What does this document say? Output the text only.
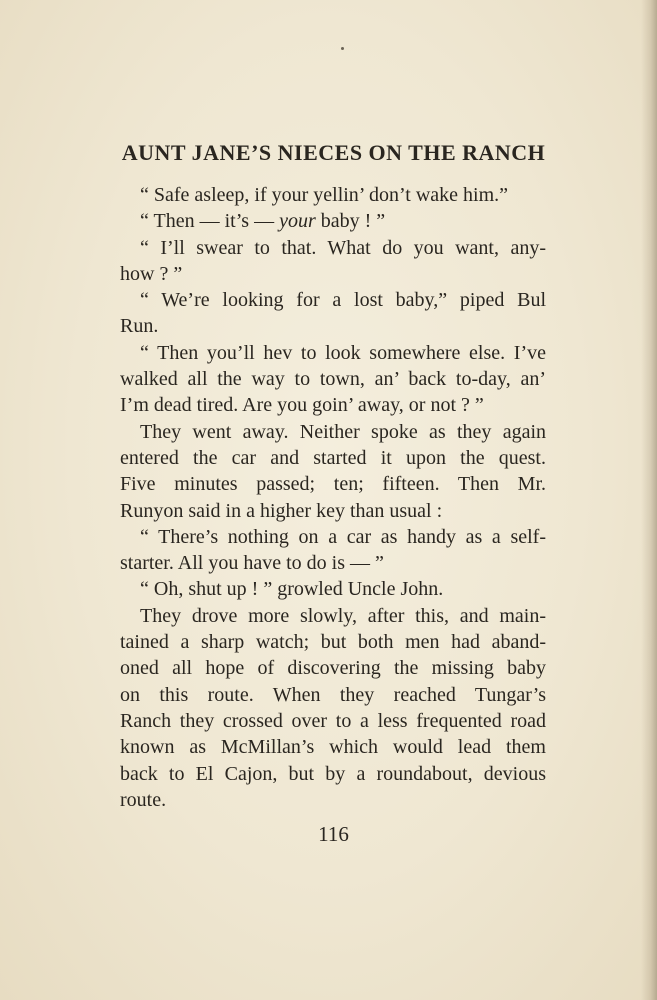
AUNT JANE’S NIECES ON THE RANCH
“ Safe asleep, if your yellin’ don’t wake him.”
“ Then — it’s — your baby ! ”
“ I’ll swear to that. What do you want, any-
how ? ”
“ We’re looking for a lost baby,” piped Bul
Run.
“ Then you’ll hev to look somewhere else. I’ve
walked all the way to town, an’ back to-day, an’
I’m dead tired. Are you goin’ away, or not ? ”
They went away. Neither spoke as they again
entered the car and started it upon the quest.
Five minutes passed; ten; fifteen. Then Mr.
Runyon said in a higher key than usual :
“ There’s nothing on a car as handy as a self-
starter. All you have to do is — ”
“ Oh, shut up ! ” growled Uncle John.
They drove more slowly, after this, and main-
tained a sharp watch; but both men had aband-
oned all hope of discovering the missing baby
on this route. When they reached Tungar’s
Ranch they crossed over to a less frequented road
known as McMillan’s which would lead them
back to El Cajon, but by a roundabout, devious
route.
116
